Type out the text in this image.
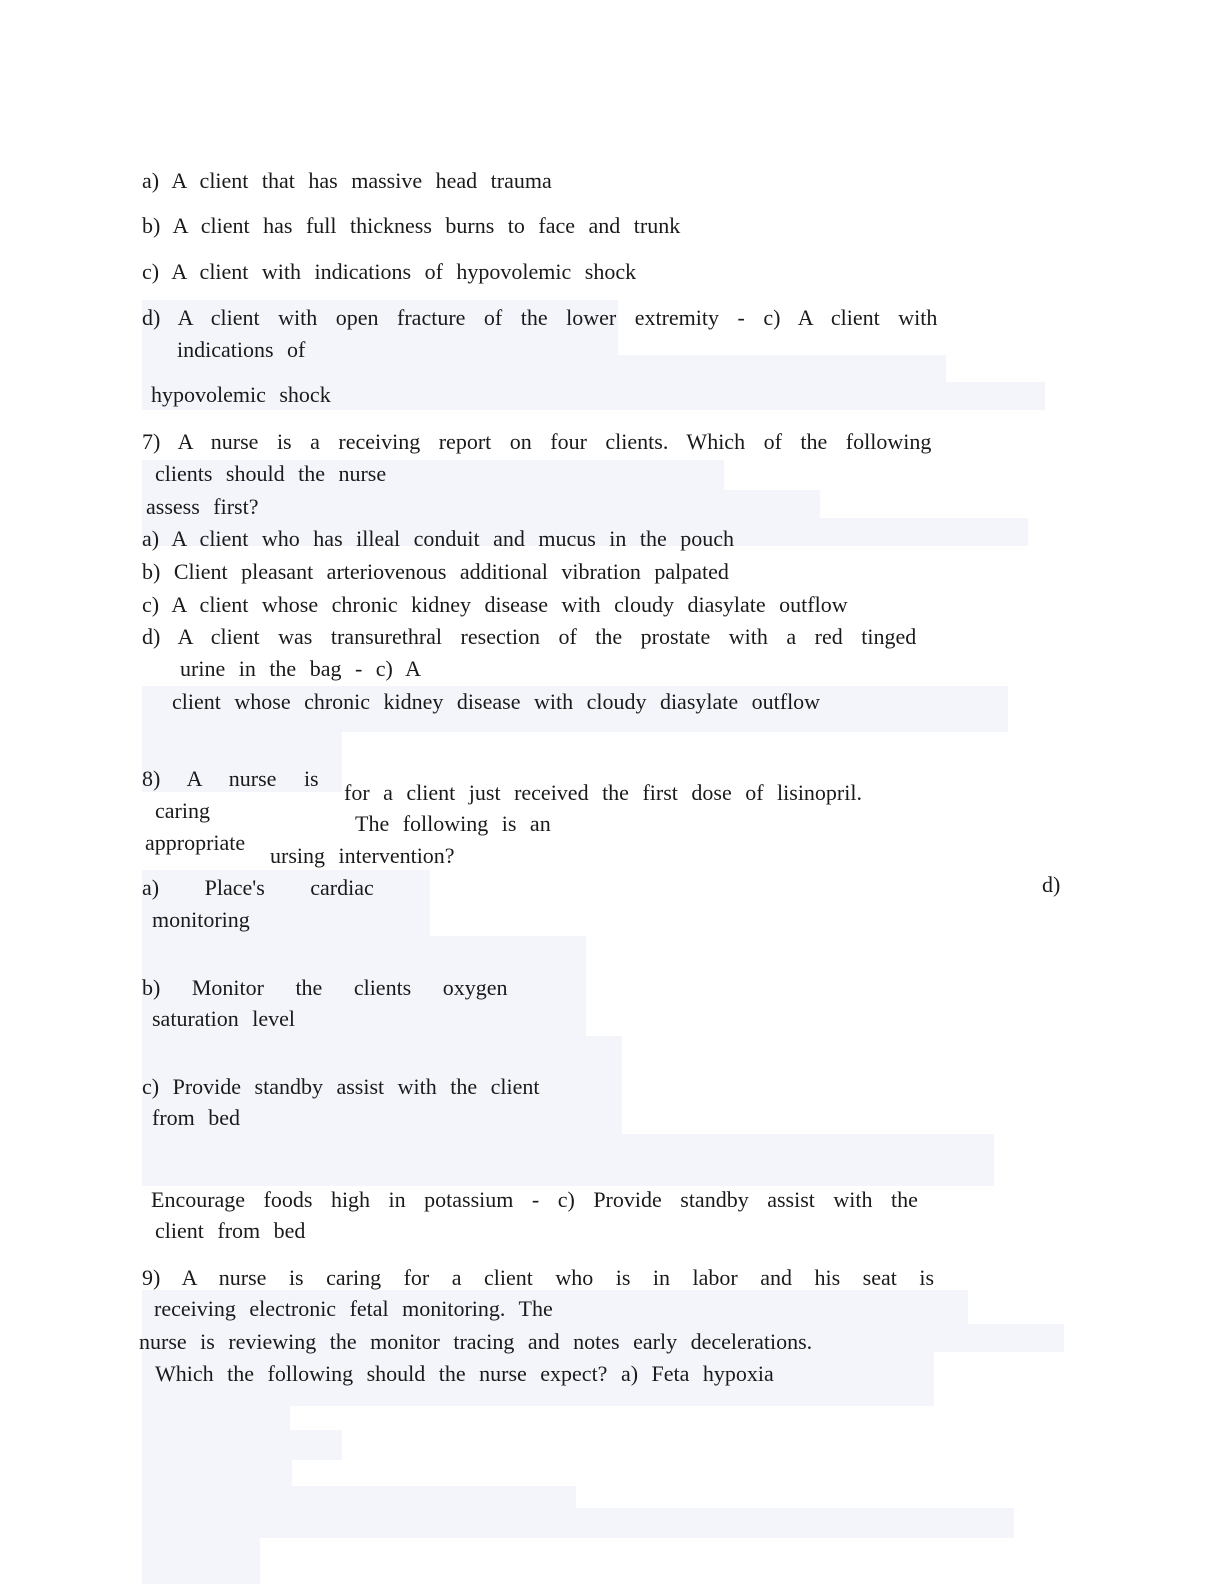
a) A client that has massive head trauma
b) A client has full thickness burns to face and trunk
c) A client with indications of hypovolemic shock
d) A client with open fracture of the lower extremity - c) A client with
indications of
hypovolemic shock
7) A nurse is a receiving report on four clients. Which of the following
clients should the nurse
assess first?
a) A client who has illeal conduit and mucus in the pouch
b) Client pleasant arteriovenous additional vibration palpated
c) A client whose chronic kidney disease with cloudy diasylate outflow
d) A client was transurethral resection of the prostate with a red tinged
urine in the bag - c) A
client whose chronic kidney disease with cloudy diasylate outflow
8) A nurse is
caring
appropriate
for a client just received the first dose of lisinopril.
The following is an
ursing intervention?
a) Place's cardiac
monitoring
d)
b) Monitor the clients oxygen
saturation level
c) Provide standby assist with the client
from bed
Encourage foods high in potassium - c) Provide standby assist with the
client from bed
9) A nurse is caring for a client who is in labor and his seat is
receiving electronic fetal monitoring. The
nurse is reviewing the monitor tracing and notes early decelerations.
Which the following should the nurse expect? a) Feta hypoxia
